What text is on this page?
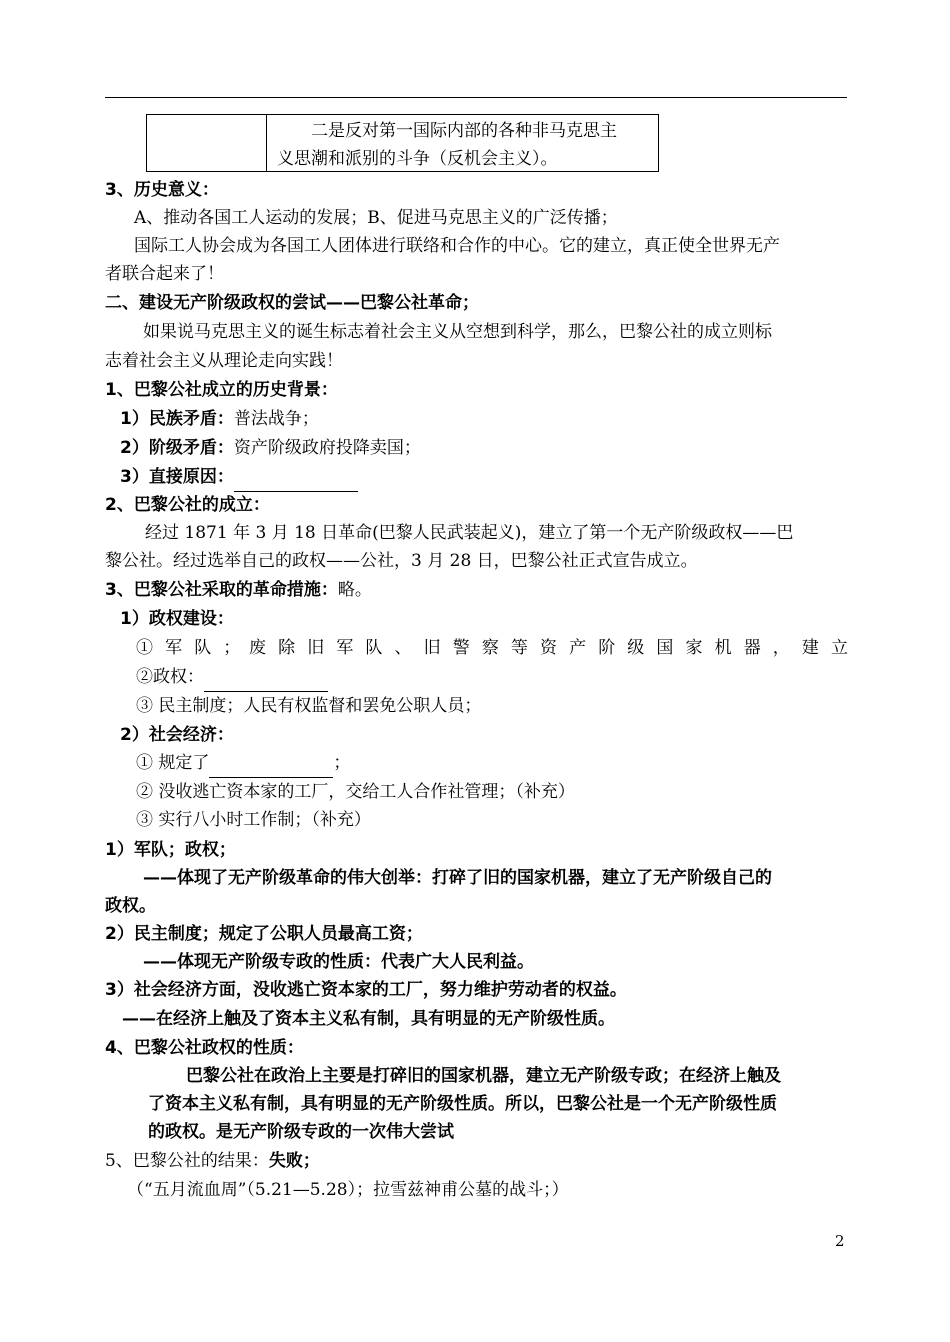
二是反对第一国际内部的各种非马克思主
义思潮和派别的斗争（反机会主义）。
3、历史意义：
A、推动各国工人运动的发展；B、促进马克思主义的广泛传播；
国际工人协会成为各国工人团体进行联络和合作的中心。它的建立，真正使全世界无产
者联合起来了！
二、建设无产阶级政权的尝试——巴黎公社革命；
如果说马克思主义的诞生标志着社会主义从空想到科学，那么，巴黎公社的成立则标
志着社会主义从理论走向实践！
1、巴黎公社成立的历史背景：
1）民族矛盾：普法战争；
2）阶级矛盾：资产阶级政府投降卖国；
3）直接原因：
2、巴黎公社的成立：
经过 1871 年 3 月 18 日革命(巴黎人民武装起义)，建立了第一个无产阶级政权——巴
黎公社。经过选举自己的政权——公社，3 月 28 日，巴黎公社正式宣告成立。
3、巴黎公社采取的革命措施：略。
1）政权建设：
① 军 队 ； 废 除 旧 军 队 、 旧 警 察 等 资 产 阶 级 国 家 机 器 ， 建 立
②政权：
③ 民主制度；人民有权监督和罢免公职人员；
2）社会经济：
① 规定了	；
② 没收逃亡资本家的工厂，交给工人合作社管理；（补充）
③ 实行八小时工作制；（补充）
1）军队；政权；
——体现了无产阶级革命的伟大创举：打碎了旧的国家机器，建立了无产阶级自己的
政权。
2）民主制度；规定了公职人员最高工资；
——体现无产阶级专政的性质：代表广大人民利益。
3）社会经济方面，没收逃亡资本家的工厂，努力维护劳动者的权益。
——在经济上触及了资本主义私有制，具有明显的无产阶级性质。
4、巴黎公社政权的性质：
巴黎公社在政治上主要是打碎旧的国家机器，建立无产阶级专政；在经济上触及
了资本主义私有制，具有明显的无产阶级性质。所以，巴黎公社是一个无产阶级性质
的政权。是无产阶级专政的一次伟大尝试
5、巴黎公社的结果：失败；
（“五月流血周”（5.21—5.28）；拉雪兹神甫公墓的战斗；）
2
